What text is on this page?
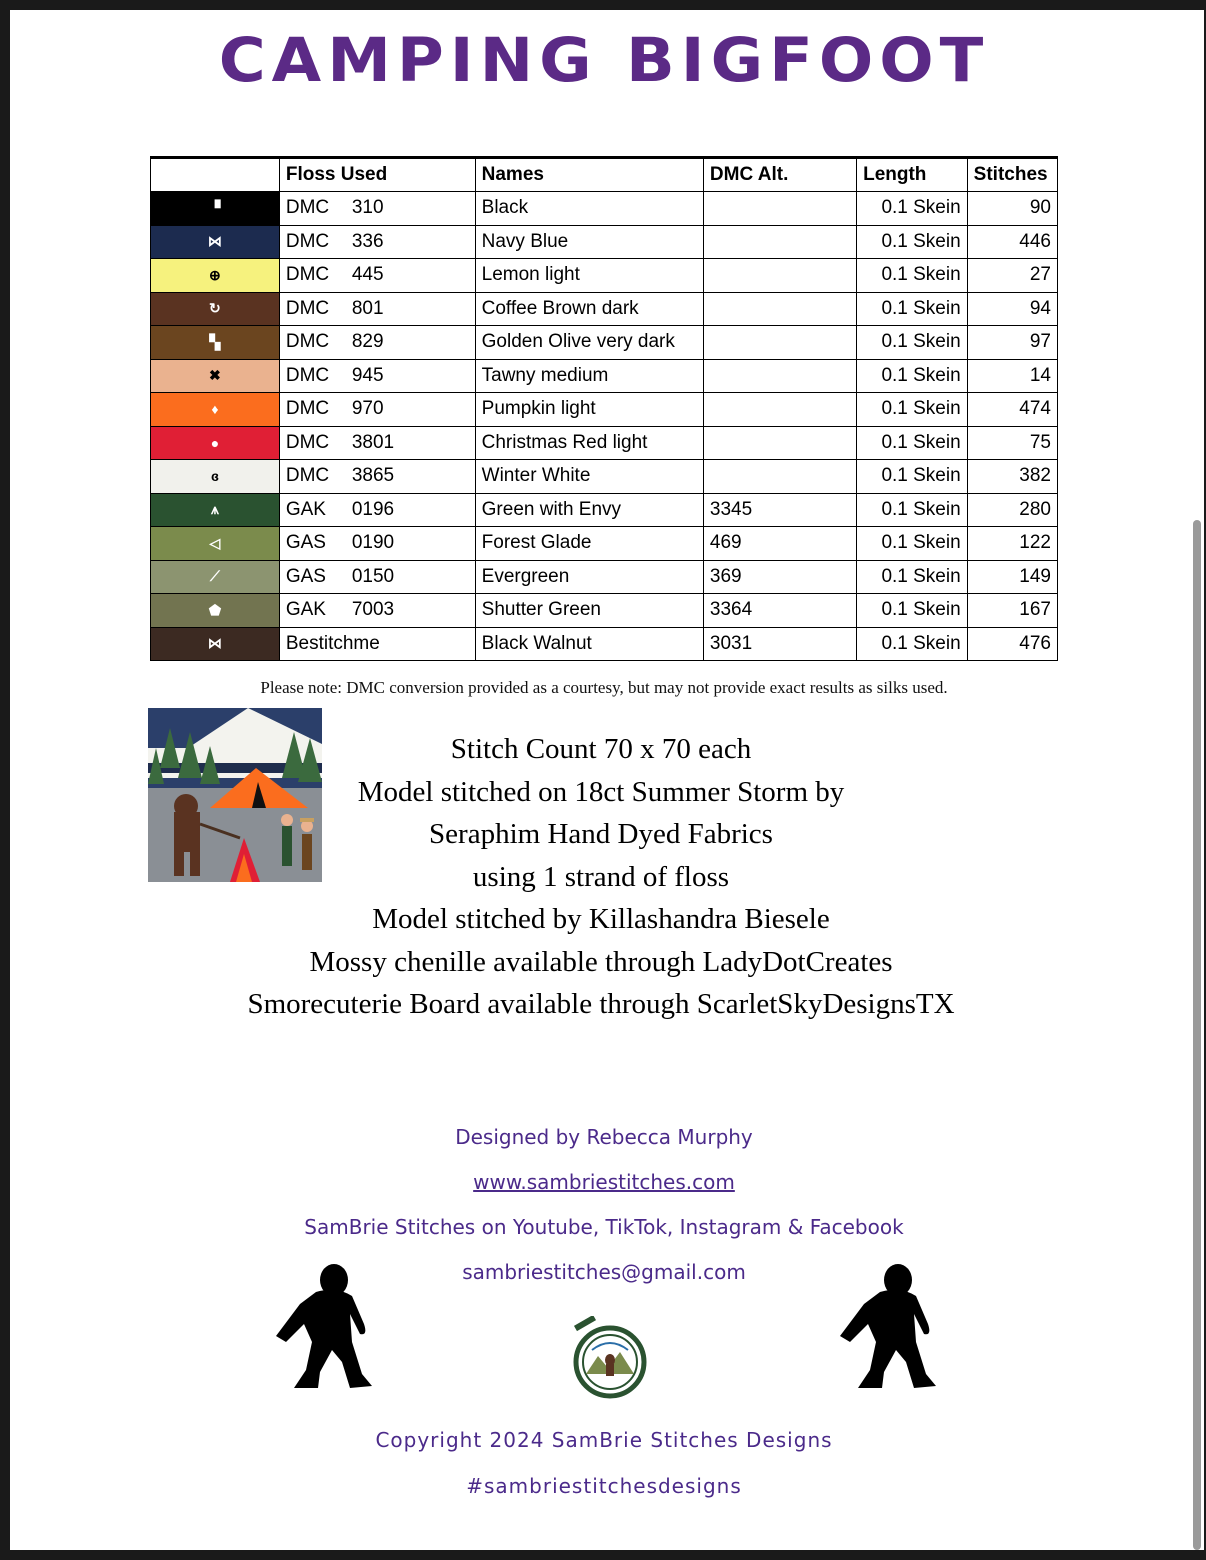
CAMPING BIGFOOT
	Floss Used	Names	DMC Alt.	Length	Stitches
▝	DMC 310	Black		0.1 Skein	90
⋈	DMC 336	Navy Blue		0.1 Skein	446
⊕	DMC 445	Lemon light		0.1 Skein	27
↻	DMC 801	Coffee Brown dark		0.1 Skein	94
▚	DMC 829	Golden Olive very dark		0.1 Skein	97
✖	DMC 945	Tawny medium		0.1 Skein	14
♦	DMC 970	Pumpkin light		0.1 Skein	474
●	DMC 3801	Christmas Red light		0.1 Skein	75
ɞ	DMC 3865	Winter White		0.1 Skein	382
⩚	GAK 0196	Green with Envy	3345	0.1 Skein	280
◁	GAS 0190	Forest Glade	469	0.1 Skein	122
⟋	GAS 0150	Evergreen	369	0.1 Skein	149
⬟	GAK 7003	Shutter Green	3364	0.1 Skein	167
⋈	Bestitchme	Black Walnut	3031	0.1 Skein	476
Please note: DMC conversion provided as a courtesy, but may not provide exact results as silks used.
Stitch Count 70 x 70 each
Model stitched on 18ct Summer Storm by
Seraphim Hand Dyed Fabrics
using 1 strand of floss
Model stitched by Killashandra Biesele
Mossy chenille available through LadyDotCreates
Smorecuterie Board available through ScarletSkyDesignsTX
Designed by Rebecca Murphy
www.sambriestitches.com
SamBrie Stitches on Youtube, TikTok, Instagram & Facebook
sambriestitches@gmail.com
Copyright 2024 SamBrie Stitches Designs
#sambriestitchesdesigns
